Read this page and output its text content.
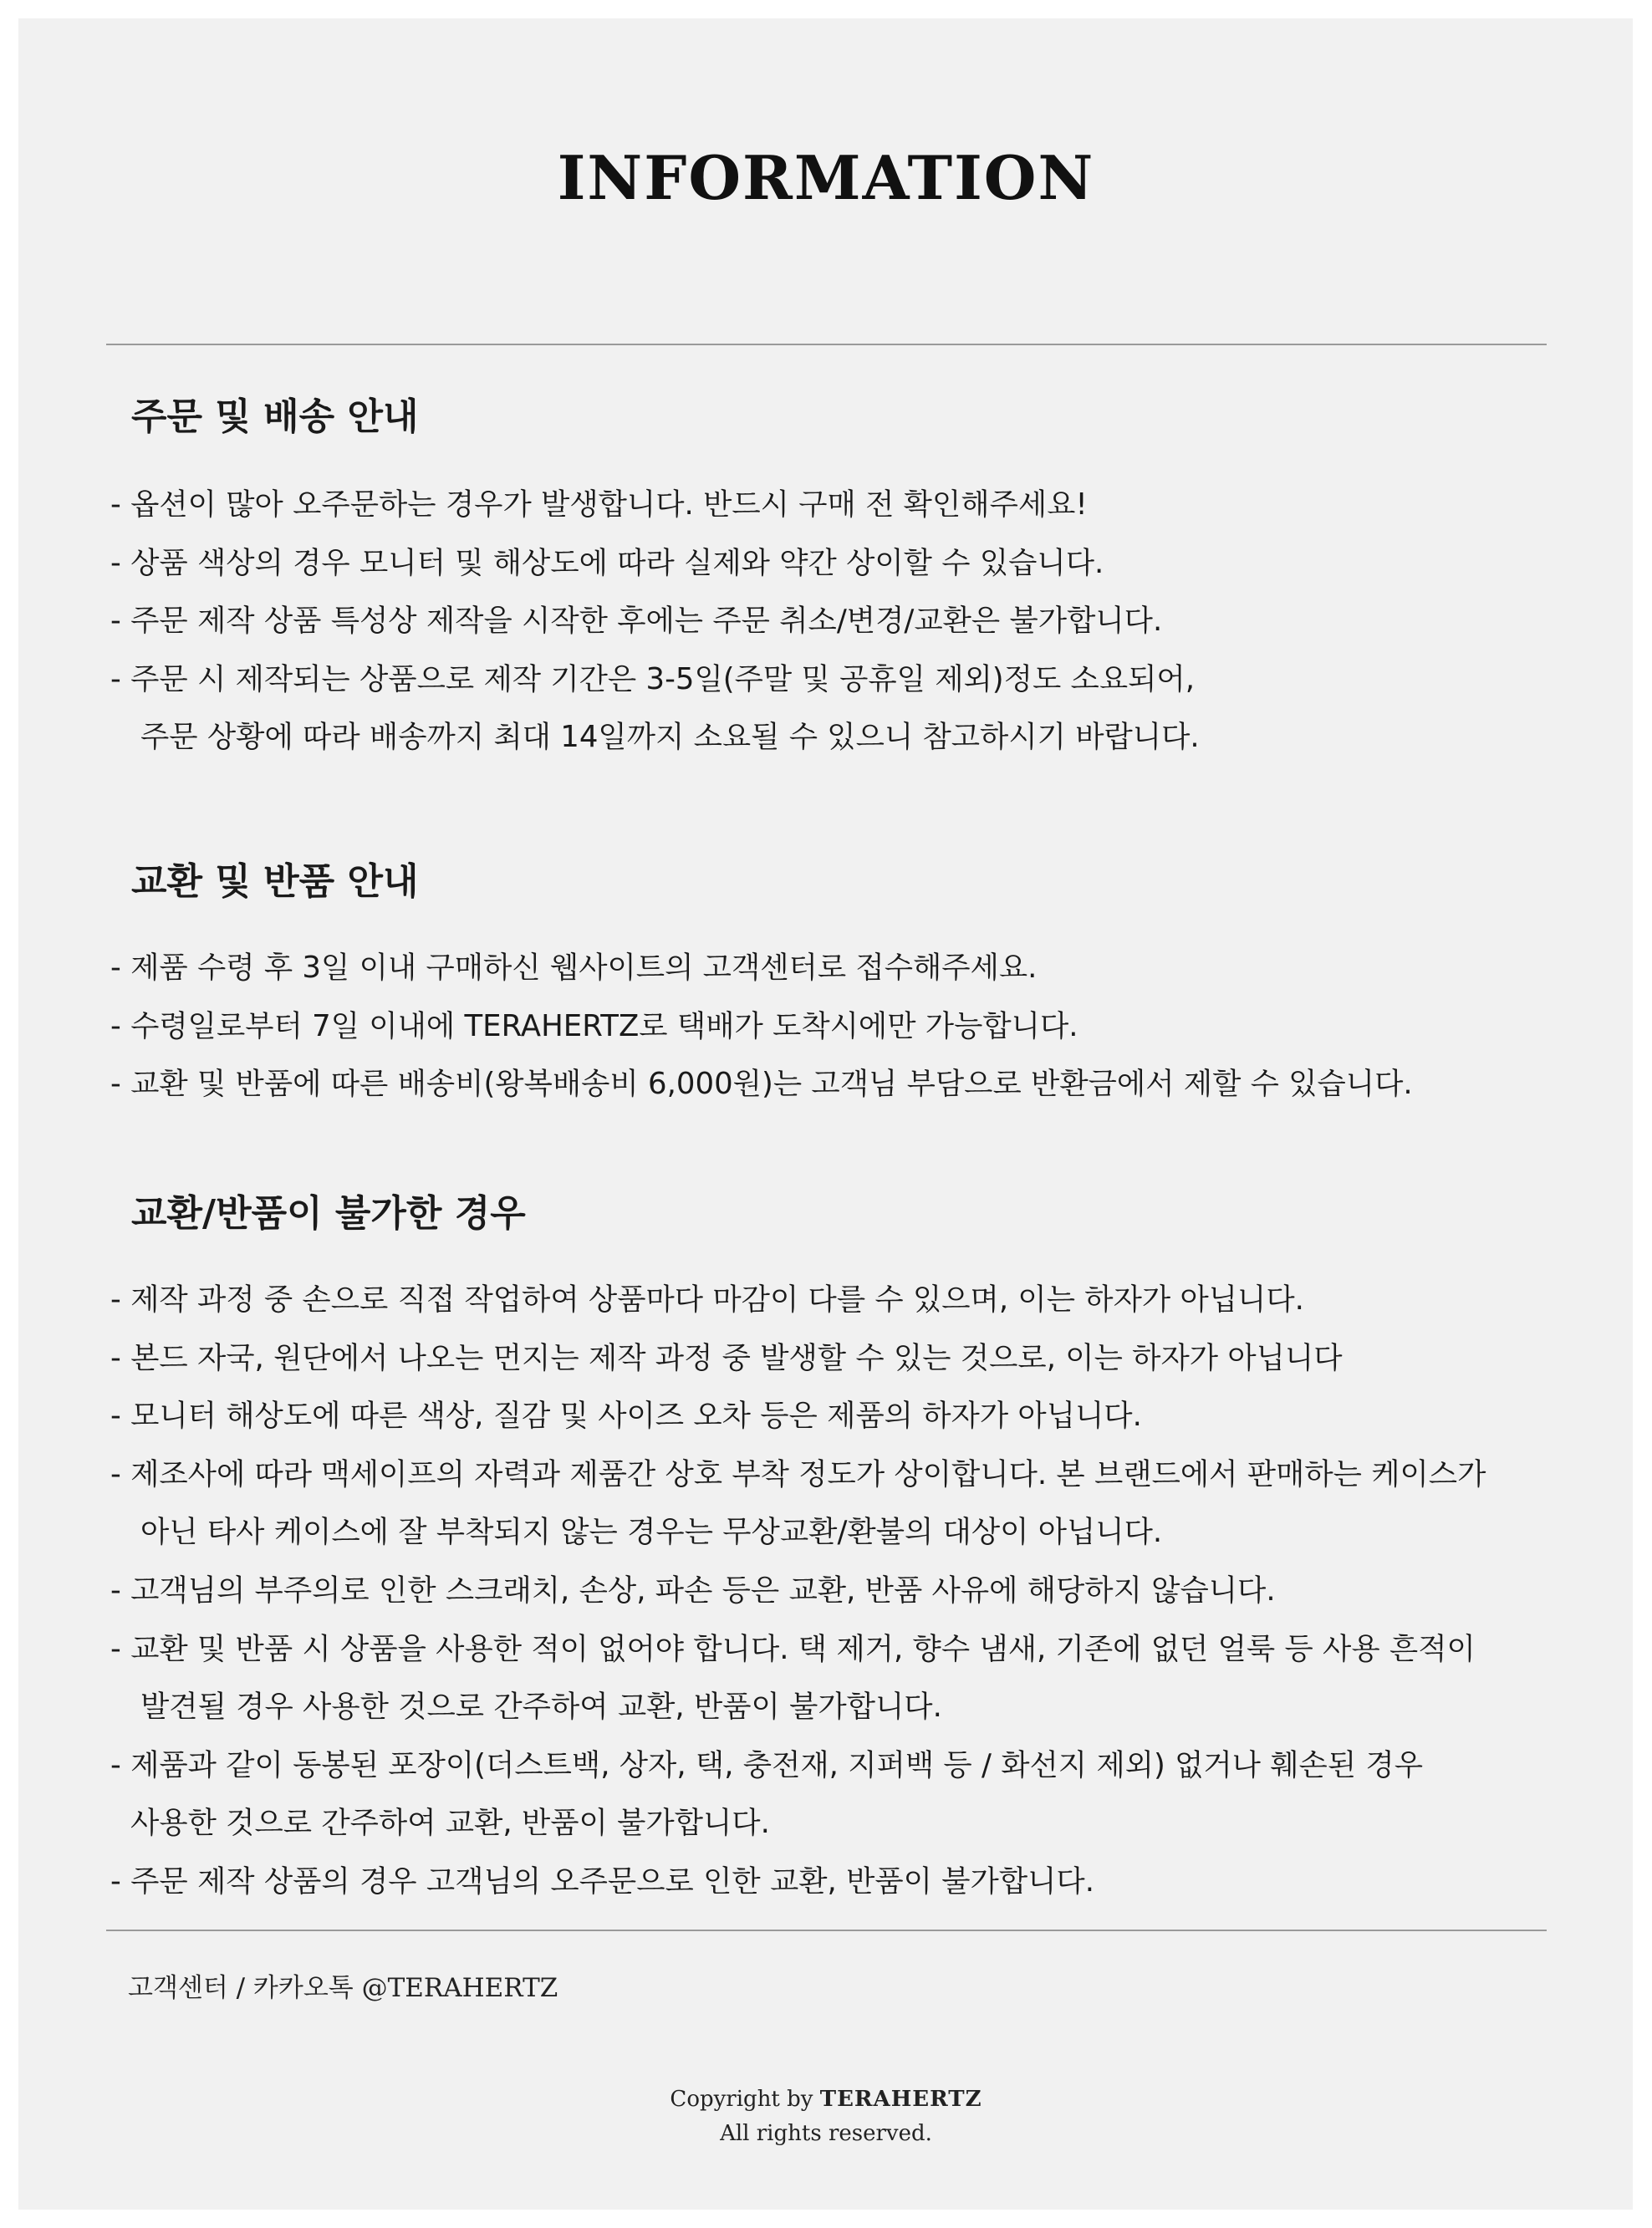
INFORMATION
주문 및 배송 안내
- 옵션이 많아 오주문하는 경우가 발생합니다. 반드시 구매 전 확인해주세요!
- 상품 색상의 경우 모니터 및 해상도에 따라 실제와 약간 상이할 수 있습니다.
- 주문 제작 상품 특성상 제작을 시작한 후에는 주문 취소/변경/교환은 불가합니다.
- 주문 시 제작되는 상품으로 제작 기간은 3-5일(주말 및 공휴일 제외)정도 소요되어,
주문 상황에 따라 배송까지 최대 14일까지 소요될 수 있으니 참고하시기 바랍니다.
교환 및 반품 안내
- 제품 수령 후 3일 이내 구매하신 웹사이트의 고객센터로 접수해주세요.
- 수령일로부터 7일 이내에 TERAHERTZ로 택배가 도착시에만 가능합니다.
- 교환 및 반품에 따른 배송비(왕복배송비 6,000원)는 고객님 부담으로 반환금에서 제할 수 있습니다.
교환/반품이 불가한 경우
- 제작 과정 중 손으로 직접 작업하여 상품마다 마감이 다를 수 있으며, 이는 하자가 아닙니다.
- 본드 자국, 원단에서 나오는 먼지는 제작 과정 중 발생할 수 있는 것으로, 이는 하자가 아닙니다
- 모니터 해상도에 따른 색상, 질감 및 사이즈 오차 등은 제품의 하자가 아닙니다.
- 제조사에 따라 맥세이프의 자력과 제품간 상호 부착 정도가 상이합니다. 본 브랜드에서 판매하는 케이스가
아닌 타사 케이스에 잘 부착되지 않는 경우는 무상교환/환불의 대상이 아닙니다.
- 고객님의 부주의로 인한 스크래치, 손상, 파손 등은 교환, 반품 사유에 해당하지 않습니다.
- 교환 및 반품 시 상품을 사용한 적이 없어야 합니다. 택 제거, 향수 냄새, 기존에 없던 얼룩 등 사용 흔적이
발견될 경우 사용한 것으로 간주하여 교환, 반품이 불가합니다.
- 제품과 같이 동봉된 포장이(더스트백, 상자, 택, 충전재, 지퍼백 등 / 화선지 제외) 없거나 훼손된 경우
사용한 것으로 간주하여 교환, 반품이 불가합니다.
- 주문 제작 상품의 경우 고객님의 오주문으로 인한 교환, 반품이 불가합니다.
고객센터 / 카카오톡 @TERAHERTZ
Copyright by TERAHERTZ
All rights reserved.
